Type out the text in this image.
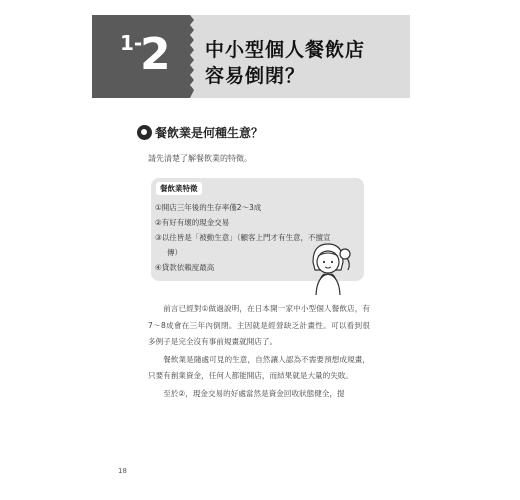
1-
2 中小型個人餐飲店
容易倒閉？
餐飲業是何種生意？
請先清楚了解餐飲業的特徵。
餐飲業特徵
①開店三年後的生存率僅2～3成
②有好有壞的現金交易
③以往皆是「被動生意」（顧客上門才有生意，不擅宣
傳）
④貸款依賴度最高

前言已經對①做過說明，在日本開一家中小型個人餐飲店，有7～8成會在三年內倒閉。主因就是經營缺乏計畫性。可以看到很多例子是完全沒有事前規畫就開店了。

餐飲業是隨處可見的生意，自然讓人認為不需要預想成規畫，只要有創業資金，任何人都能開店，而結果就是大量的失敗。

至於②，現金交易的好處當然是資金回收狀態健全，提

18
